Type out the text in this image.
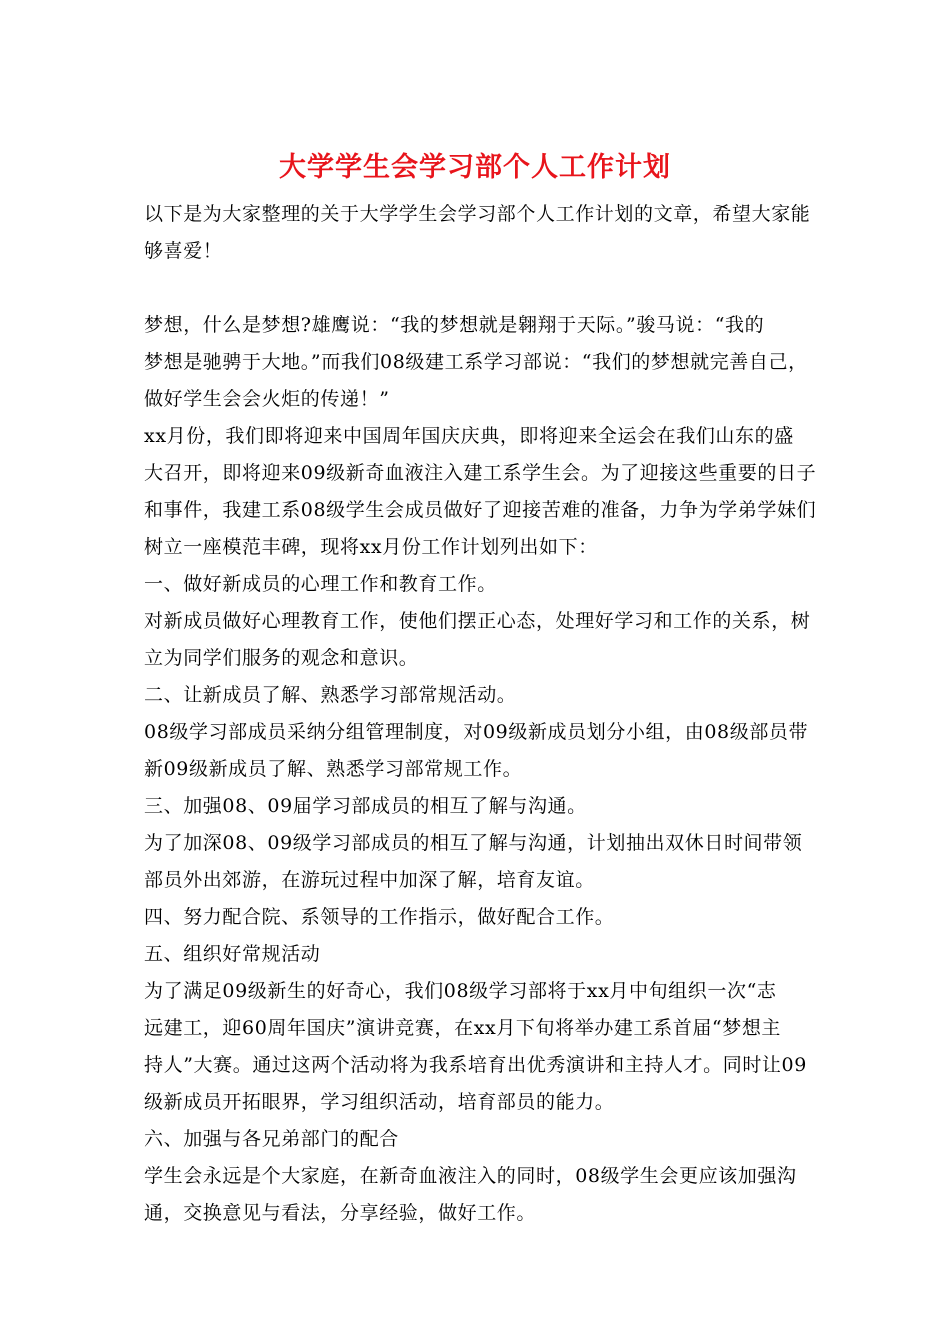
大学学生会学习部个人工作计划
以下是为大家整理的关于大学学生会学习部个人工作计划的文章，希望大家能
够喜爱！
梦想，什么是梦想?雄鹰说：“我的梦想就是翱翔于天际。”骏马说：“我的
梦想是驰骋于大地。”而我们08级建工系学习部说：“我们的梦想就完善自己，
做好学生会会火炬的传递！”
xx月份，我们即将迎来中国周年国庆庆典，即将迎来全运会在我们山东的盛
大召开，即将迎来09级新奇血液注入建工系学生会。为了迎接这些重要的日子
和事件，我建工系08级学生会成员做好了迎接苦难的准备，力争为学弟学妹们
树立一座模范丰碑，现将xx月份工作计划列出如下：
一、做好新成员的心理工作和教育工作。
对新成员做好心理教育工作，使他们摆正心态，处理好学习和工作的关系，树
立为同学们服务的观念和意识。
二、让新成员了解、熟悉学习部常规活动。
08级学习部成员采纳分组管理制度，对09级新成员划分小组，由08级部员带
新09级新成员了解、熟悉学习部常规工作。
三、加强08、09届学习部成员的相互了解与沟通。
为了加深08、09级学习部成员的相互了解与沟通，计划抽出双休日时间带领
部员外出郊游，在游玩过程中加深了解，培育友谊。
四、努力配合院、系领导的工作指示，做好配合工作。
五、组织好常规活动
为了满足09级新生的好奇心，我们08级学习部将于xx月中旬组织一次“志
远建工，迎60周年国庆”演讲竞赛，在xx月下旬将举办建工系首届“梦想主
持人”大赛。通过这两个活动将为我系培育出优秀演讲和主持人才。同时让09
级新成员开拓眼界，学习组织活动，培育部员的能力。
六、加强与各兄弟部门的配合
学生会永远是个大家庭，在新奇血液注入的同时，08级学生会更应该加强沟
通，交换意见与看法，分享经验，做好工作。
